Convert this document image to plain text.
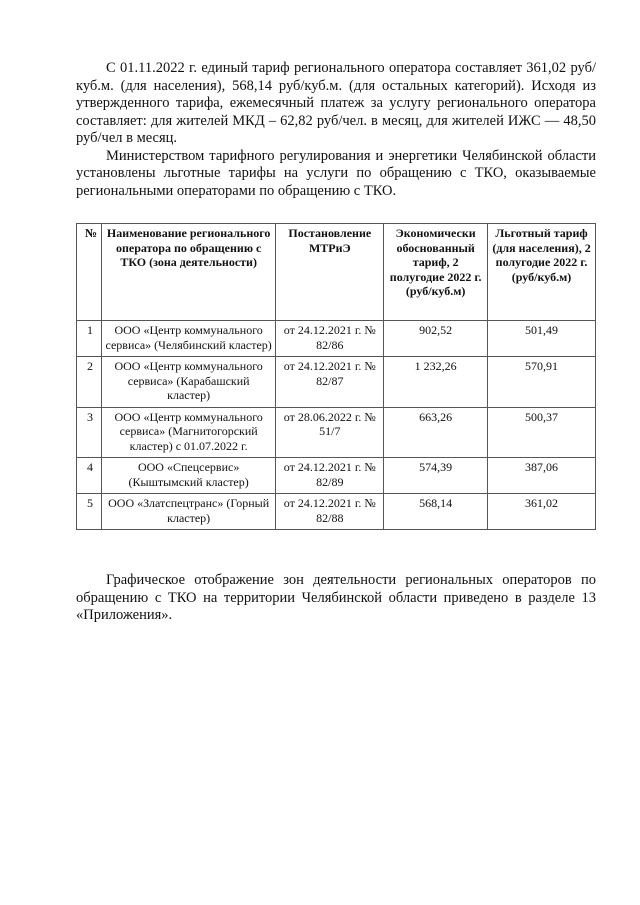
С 01.11.2022 г. единый тариф регионального оператора составляет 361,02 руб/куб.м. (для населения), 568,14 руб/куб.м. (для остальных категорий). Исходя из утвержденного тарифа, ежемесячный платеж за услугу регионального оператора составляет: для жителей МКД – 62,82 руб/чел. в месяц, для жителей ИЖС — 48,50 руб/чел в месяц.

Министерством тарифного регулирования и энергетики Челябинской области установлены льготные тарифы на услуги по обращению с ТКО, оказываемые региональными операторами по обращению с ТКО.

№	Наименование регионального оператора по обращению с ТКО (зона деятельности)	Постановление МТРиЭ	Экономически обоснованный тариф, 2 полугодие 2022 г. (руб/куб.м)	Льготный тариф (для населения), 2 полугодие 2022 г. (руб/куб.м)
1	ООО «Центр коммунального сервиса» (Челябинский кластер)	от 24.12.2021 г. № 82/86	902,52	501,49
2	ООО «Центр коммунального сервиса» (Карабашский кластер)	от 24.12.2021 г. № 82/87	1 232,26	570,91
3	ООО «Центр коммунального сервиса» (Магнитогорский кластер) с 01.07.2022 г.	от 28.06.2022 г. № 51/7	663,26	500,37
4	ООО «Спецсервис» (Кыштымский кластер)	от 24.12.2021 г. № 82/89	574,39	387,06
5	ООО «Златспецтранс» (Горный кластер)	от 24.12.2021 г. № 82/88	568,14	361,02

Графическое отображение зон деятельности региональных операторов по обращению с ТКО на территории Челябинской области приведено в разделе 13 «Приложения».
